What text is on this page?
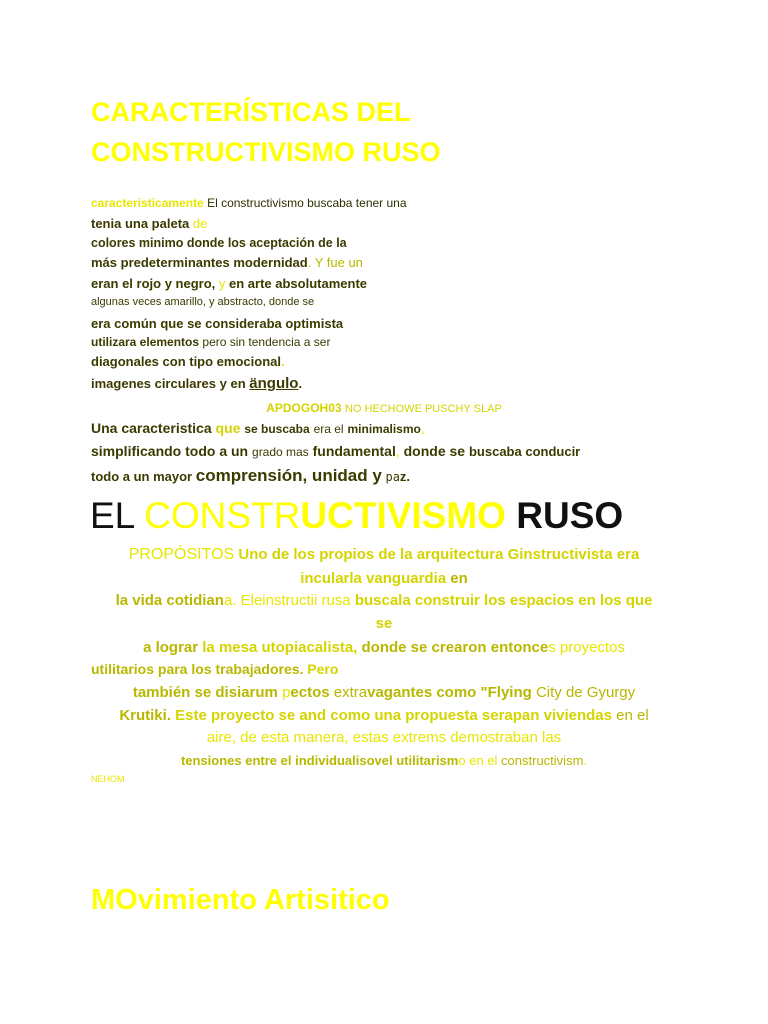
CARACTERÍSTICAS DEL
CONSTRUCTIVISMO RUSO
caracteristicamente El constructivismo buscaba tener una
tenia una paleta de
colores minimo donde los aceptación de la
más predeterminantes modernidad. Y fue un
eran el rojo y negro, y en arte absolutamente
algunas veces amarillo, y abstracto, donde se
era común que se consideraba optimista
utilizara elementos pero sin tendencia a ser
diagonales con tipo emocional.
imagenes circulares y en ängulo.
APDOGOH03 NO HECHOWE PUSCHY SLAP
Una caracteristica que se buscaba era el minimalismo,
simplificando todo a un grado mas fundamental, donde se buscaba conducir
todo a un mayor comprensión, unidad y paz.
EL CONSTRUCTIVISMO RUSO
PROPÓSITOS Uno de los propios de la arquitectura Ginstructivista era
incularla vanguardia en
la vida cotidiana. Eleinstructii rusa buscala construir los espacios en los que
se
a lograr la mesa utopiacalista, donde se crearon entonces proyectos
utilitarios para los trabajadores. Pero
también se disiarum pectos extravagantes como "Flying City de Gyurgy
Krutiki. Este proyecto se and como una propuesta serapan viviendas en el
aire, de esta manera, estas extrems demostraban las
tensiones entre el individualisovel utilitarismo en el constructivism.
NEHOM
MOvimiento Artisitico
